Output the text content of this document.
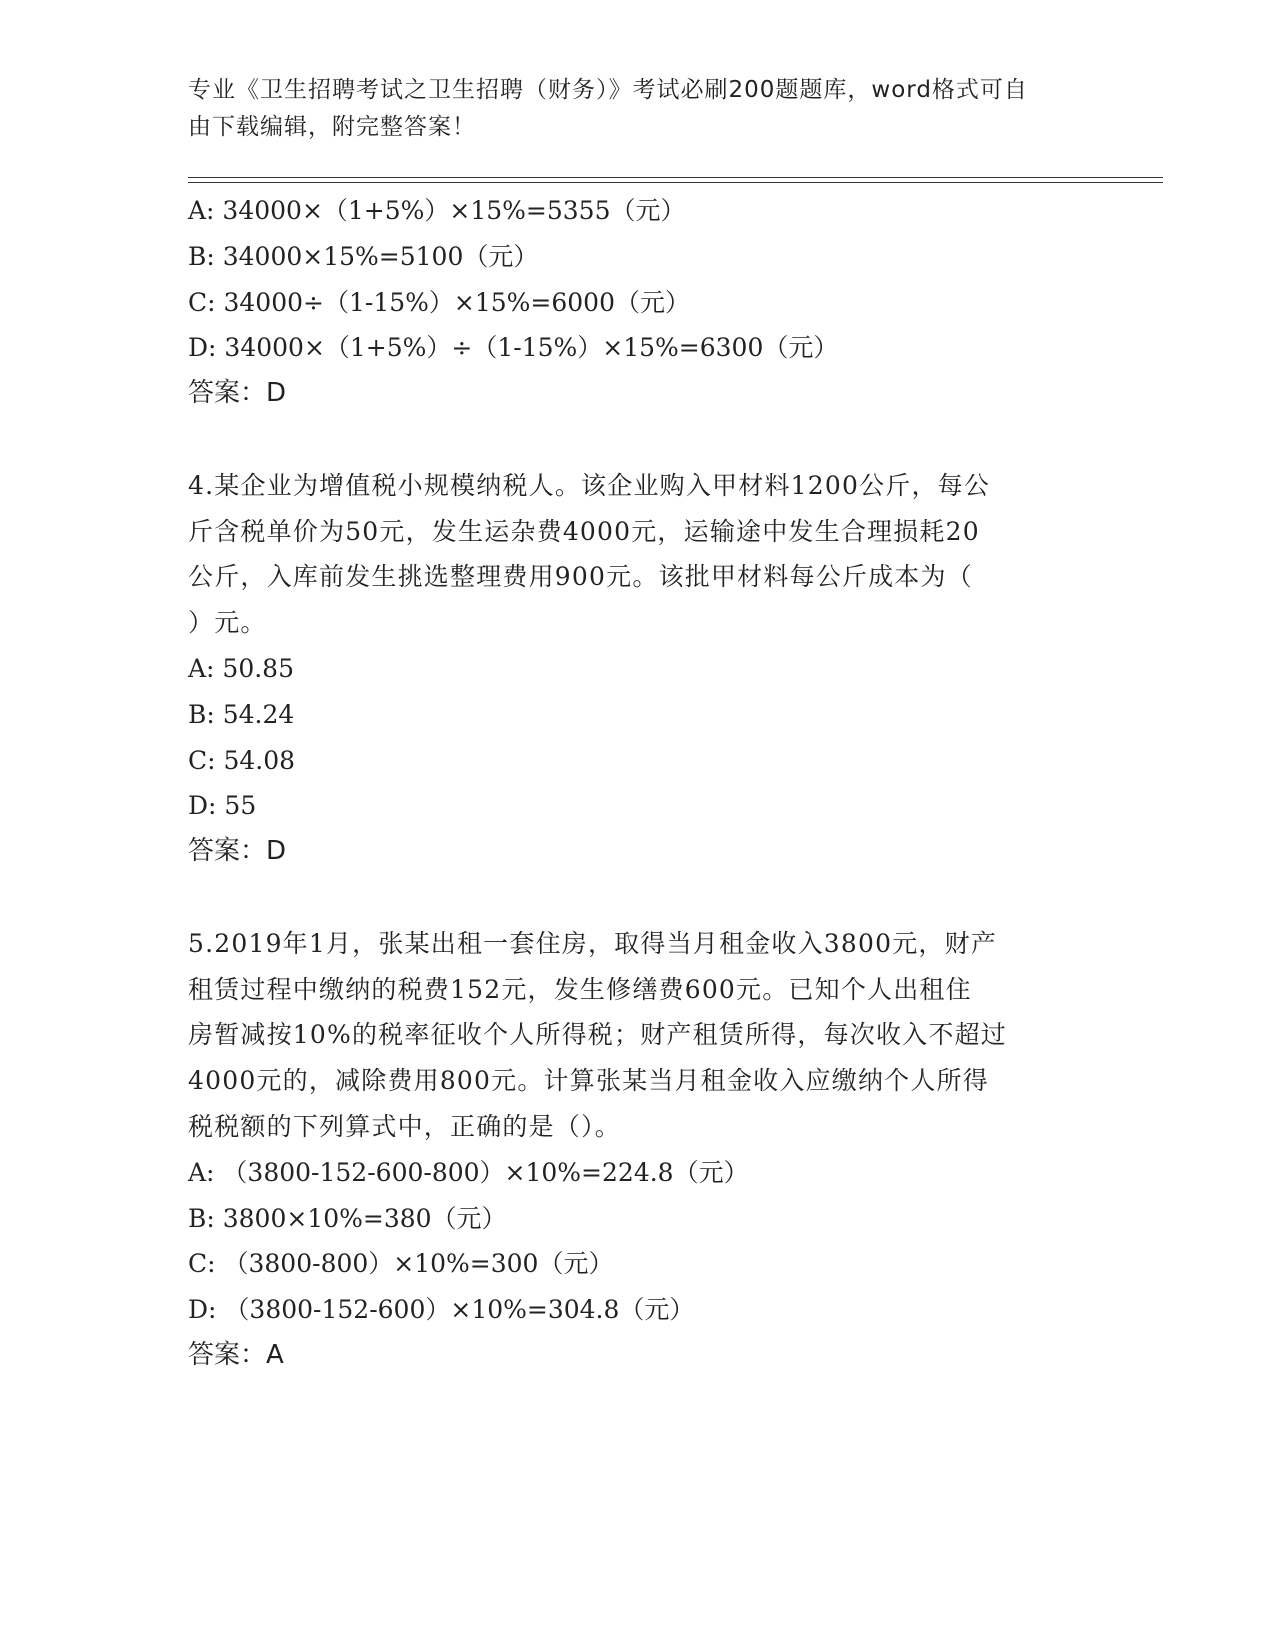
专业《卫生招聘考试之卫生招聘（财务）》考试必刷200题题库，word格式可自
由下载编辑，附完整答案！
A: 34000×（1+5%）×15%=5355（元）
B: 34000×15%=5100（元）
C: 34000÷（1-15%）×15%=6000（元）
D: 34000×（1+5%）÷（1-15%）×15%=6300（元）
答案：D
4.某企业为增值税小规模纳税人。该企业购入甲材料1200公斤，每公
斤含税单价为50元，发生运杂费4000元，运输途中发生合理损耗20
公斤，入库前发生挑选整理费用900元。该批甲材料每公斤成本为（
）元。
A: 50.85
B: 54.24
C: 54.08
D: 55
答案：D
5.2019年1月，张某出租一套住房，取得当月租金收入3800元，财产
租赁过程中缴纳的税费152元，发生修缮费600元。已知个人出租住
房暂减按10%的税率征收个人所得税；财产租赁所得，每次收入不超过
4000元的，减除费用800元。计算张某当月租金收入应缴纳个人所得
税税额的下列算式中，正确的是（）。
A: （3800-152-600-800）×10%=224.8（元）
B: 3800×10%=380（元）
C: （3800-800）×10%=300（元）
D: （3800-152-600）×10%=304.8（元）
答案：A
